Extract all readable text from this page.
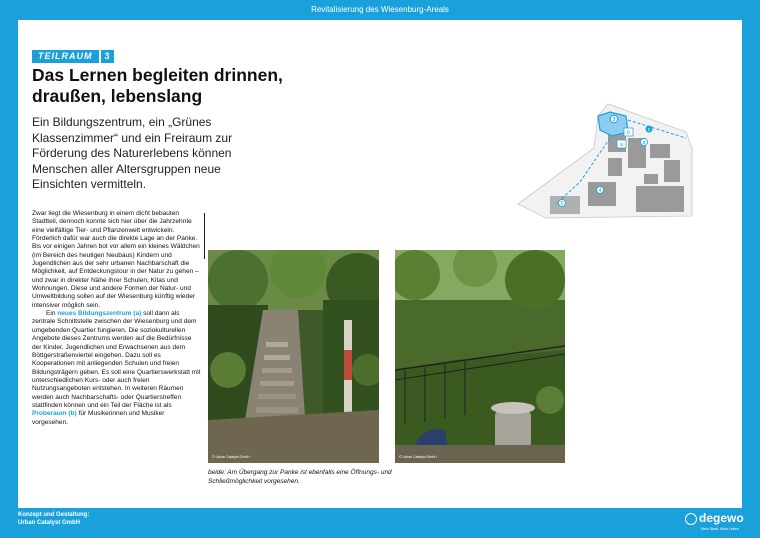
Revitalisierung des Wiesenburg-Areals
TEILRAUM	3
Das Lernen begleiten drinnen,
draußen, lebenslang
Ein Bildungszentrum, ein „Grünes Klassenzimmer“ und ein Freiraum zur Förderung des Naturerlebens können Menschen aller Altersgruppen neue Einsichten vermitteln.

Zwar liegt die Wiesenburg in einem dicht bebauten Stadtteil, dennoch konnte sich hier über die Jahrzehnte eine vielfältige Tier- und Pflanzenwelt entwickeln. Förderlich dafür war auch die direkte Lage an der Panke. Bis vor einigen Jahren bot vor allem ein kleines Wäldchen (im Bereich des heutigen Neubaus) Kindern und Jugendlichen aus der sehr urbanen Nachbarschaft die Möglichkeit, auf Entdeckungstour in der Natur zu gehen – und zwar in direkter Nähe ihrer Schulen, Kitas und Wohnungen. Diese und andere Formen der Natur- und Umweltbildung sollen auf der Wiesenburg künftig wieder intensiver möglich sein.

Ein neues Bildungszentrum (a) soll dann als zentrale Schnittstelle zwischen der Wiesenburg und dem umgebenden Quartier fungieren. Die soziokulturellen Angebote dieses Zentrums werden auf die Bedürfnisse der Kinder, Jugendlichen und Erwachsenen aus dem Böttgerstraßenviertel eingehen. Dazu soll es Kooperationen mit anliegenden Schulen und freien Bildungsträgern geben. Es soll eine Quartierswerkstatt mit unterschiedlichen Kurs- oder auch freien Nutzungsangeboten entstehen. In weiteren Räumen werden auch Nachbarschafts- oder Quartierstreffen stattfinden können und ein Teil der Fläche ist als Proberaum (b) für Musikerinnen und Musiker vorgesehen.

© Urban Catalyst GmbH	© Urban Catalyst GmbH
beide: Am Übergang zur Panke ist ebenfalls eine Öffnungs- und Schließmöglichkeit vorgesehen.
3
b
a
c
d
4
5
Konzept und Gestaltung:
Urban Catalyst GmbH	degewo
Mehr Stadt. Mehr Leben.
